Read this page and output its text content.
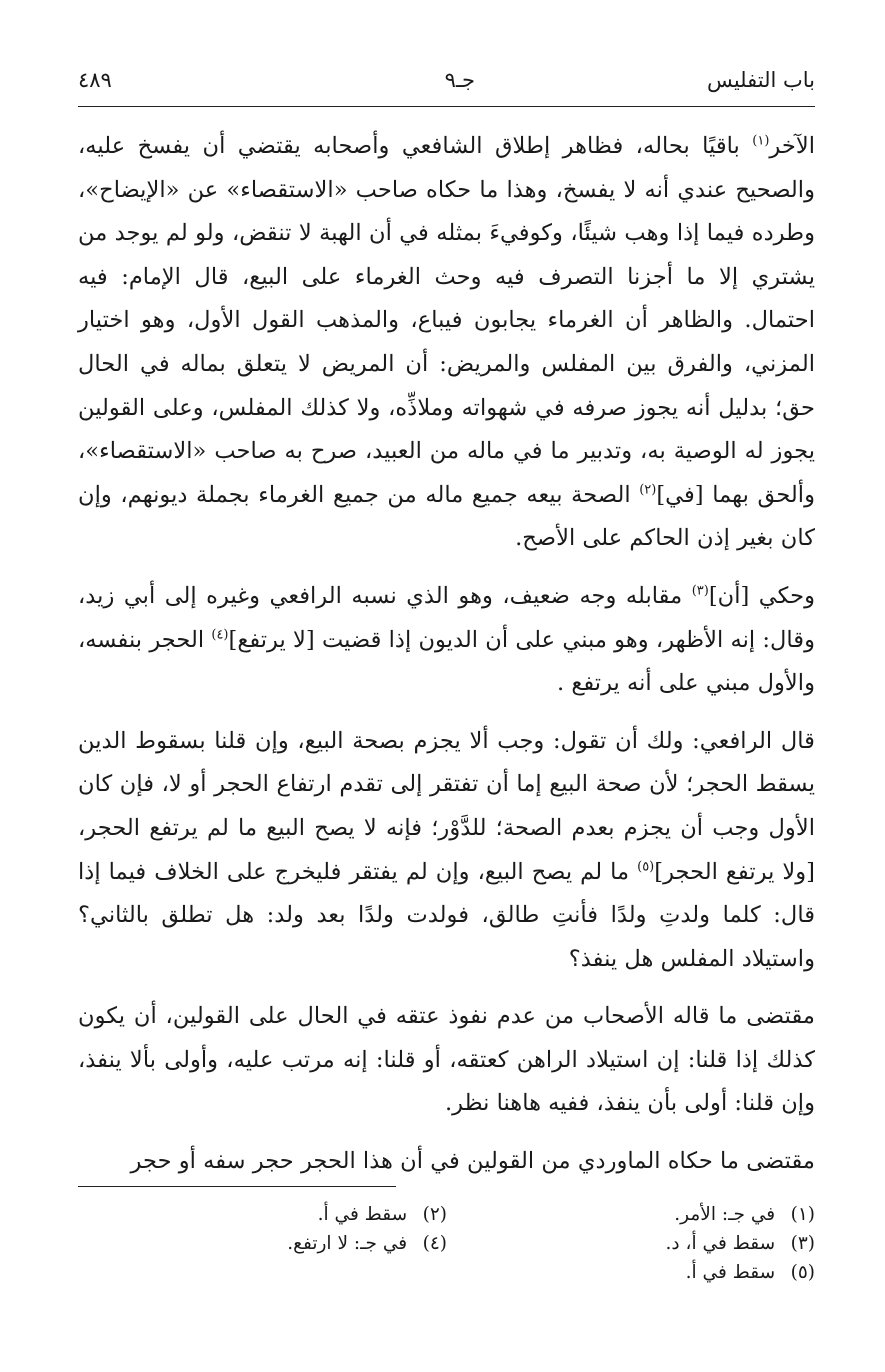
باب التفليس
جـ٩
٤٨٩

الآخر$^{(١)}$ باقيًا بحاله، فظاهر إطلاق الشافعي وأصحابه يقتضي أن يفسخ عليه، والصحيح عندي أنه لا يفسخ، وهذا ما حكاه صاحب «الاستقصاء» عن «الإيضاح»، وطرده فيما إذا وهب شيئًا، وكوفيءَ بمثله في أن الهبة لا تنقض، ولو لم يوجد من يشتري إلا ما أجزنا التصرف فيه وحث الغرماء على البيع، قال الإمام: فيه احتمال. والظاهر أن الغرماء يجابون فيباع، والمذهب القول الأول، وهو اختيار المزني، والفرق بين المفلس والمريض: أن المريض لا يتعلق بماله في الحال حق؛ بدليل أنه يجوز صرفه في شهواته وملاذِّه، ولا كذلك المفلس، وعلى القولين يجوز له الوصية به، وتدبير ما في ماله من العبيد، صرح به صاحب «الاستقصاء»، وألحق بهما [في]$^{(٢)}$ الصحة بيعه جميع ماله من جميع الغرماء بجملة ديونهم، وإن كان بغير إذن الحاكم على الأصح.

وحكي [أن]$^{(٣)}$ مقابله وجه ضعيف، وهو الذي نسبه الرافعي وغيره إلى أبي زيد، وقال: إنه الأظهر، وهو مبني على أن الديون إذا قضيت [لا يرتفع]$^{(٤)}$ الحجر بنفسه، والأول مبني على أنه يرتفع .

قال الرافعي: ولك أن تقول: وجب ألا يجزم بصحة البيع، وإن قلنا بسقوط الدين يسقط الحجر؛ لأن صحة البيع إما أن تفتقر إلى تقدم ارتفاع الحجر أو لا، فإن كان الأول وجب أن يجزم بعدم الصحة؛ للدَّوْر؛ فإنه لا يصح البيع ما لم يرتفع الحجر، [ولا يرتفع الحجر]$^{(٥)}$ ما لم يصح البيع، وإن لم يفتقر فليخرج على الخلاف فيما إذا قال: كلما ولدتِ ولدًا فأنتِ طالق، فولدت ولدًا بعد ولد: هل تطلق بالثاني؟ واستيلاد المفلس هل ينفذ؟

مقتضى ما قاله الأصحاب من عدم نفوذ عتقه في الحال على القولين، أن يكون كذلك إذا قلنا: إن استيلاد الراهن كعتقه، أو قلنا: إنه مرتب عليه، وأولى بألا ينفذ، وإن قلنا: أولى بأن ينفذ، ففيه هاهنا نظر.

مقتضى ما حكاه الماوردي من القولين في أن هذا الحجر حجر سفه أو حجر

(١) في جـ: الأمر.
(٢) سقط في أ.
(٣) سقط في أ، د.
(٤) في جـ: لا ارتفع.
(٥) سقط في أ.
